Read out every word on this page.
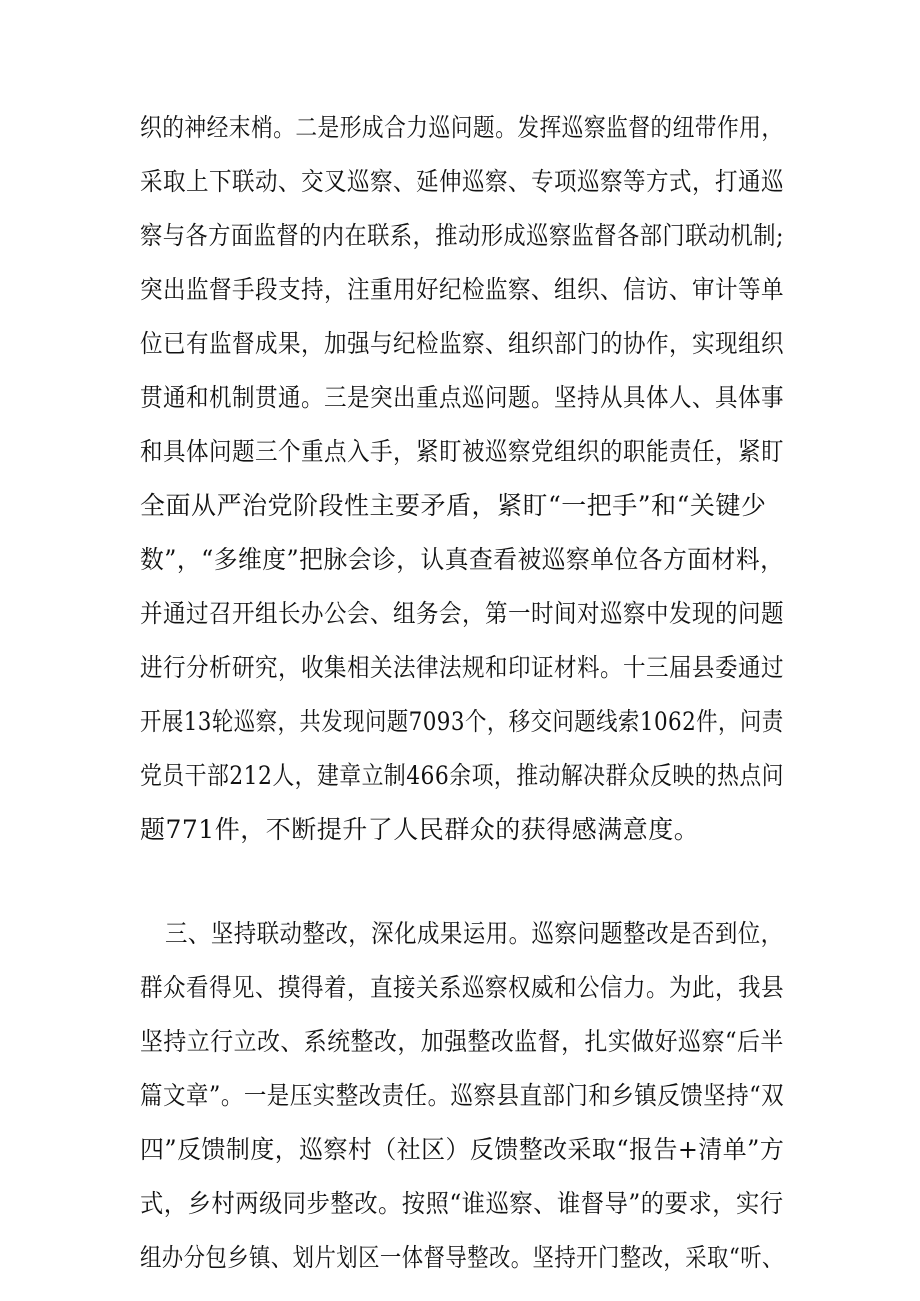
织的神经末梢。二是形成合力巡问题。发挥巡察监督的纽带作用，
采取上下联动、交叉巡察、延伸巡察、专项巡察等方式，打通巡
察与各方面监督的内在联系，推动形成巡察监督各部门联动机制;
突出监督手段支持，注重用好纪检监察、组织、信访、审计等单
位已有监督成果，加强与纪检监察、组织部门的协作，实现组织
贯通和机制贯通。三是突出重点巡问题。坚持从具体人、具体事
和具体问题三个重点入手，紧盯被巡察党组织的职能责任，紧盯
全面从严治党阶段性主要矛盾，紧盯“一把手”和“关键少
数”，“多维度”把脉会诊，认真查看被巡察单位各方面材料，
并通过召开组长办公会、组务会，第一时间对巡察中发现的问题
进行分析研究，收集相关法律法规和印证材料。十三届县委通过
开展13轮巡察，共发现问题7093个，移交问题线索1062件，问责
党员干部212人，建章立制466余项，推动解决群众反映的热点问
题771件，不断提升了人民群众的获得感满意度。
三、坚持联动整改，深化成果运用。巡察问题整改是否到位，
群众看得见、摸得着，直接关系巡察权威和公信力。为此，我县
坚持立行立改、系统整改，加强整改监督，扎实做好巡察“后半
篇文章”。一是压实整改责任。巡察县直部门和乡镇反馈坚持“双
四”反馈制度，巡察村（社区）反馈整改采取“报告+清单”方
式，乡村两级同步整改。按照“谁巡察、谁督导”的要求，实行
组办分包乡镇、划片划区一体督导整改。坚持开门整改，采取“听、
